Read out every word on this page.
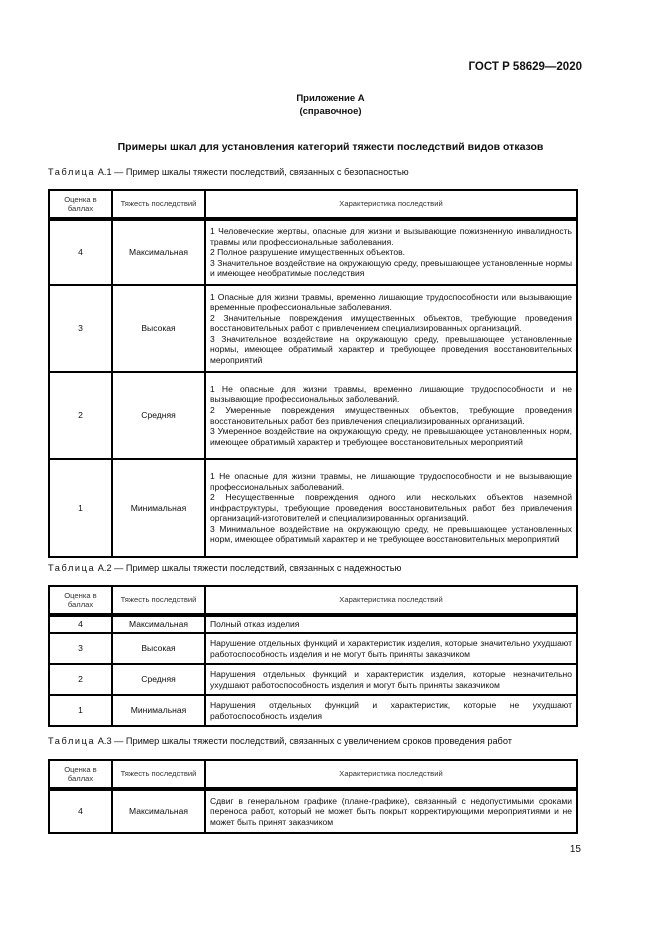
ГОСТ Р 58629—2020
Приложение А
(справочное)
Примеры шкал для установления категорий тяжести последствий видов отказов
Таблица А.1 — Пример шкалы тяжести последствий, связанных с безопасностью
Оценка в баллах	Тяжесть последствий	Характеристика последствий

4	Максимальная	1 Человеческие жертвы, опасные для жизни и вызывающие пожизненную инвалидность травмы или профессиональные заболевания.
2 Полное разрушение имущественных объектов.
3 Значительное воздействие на окружающую среду, превышающее установленные нормы и имеющее необратимые последствия

3	Высокая	1 Опасные для жизни травмы, временно лишающие трудоспособности или вызывающие временные профессиональные заболевания.
2 Значительные повреждения имущественных объектов, требующие проведения восстановительных работ с привлечением специализированных организаций.
3 Значительное воздействие на окружающую среду, превышающее установленные нормы, имеющее обратимый характер и требующее проведения восстановительных мероприятий

2	Средняя	1 Не опасные для жизни травмы, временно лишающие трудоспособности и не вызывающие профессиональных заболеваний.
2 Умеренные повреждения имущественных объектов, требующие проведения восстановительных работ без привлечения специализированных организаций.
3 Умеренное воздействие на окружающую среду, не превышающее установленных норм, имеющее обратимый характер и требующее восстановительных мероприятий

1	Минимальная	1 Не опасные для жизни травмы, не лишающие трудоспособности и не вызывающие профессиональных заболеваний.
2 Несущественные повреждения одного или нескольких объектов наземной инфраструктуры, требующие проведения восстановительных работ без привлечения организаций-изготовителей и специализированных организаций.
3 Минимальное воздействие на окружающую среду, не превышающее установленных норм, имеющее обратимый характер и не требующее восстановительных мероприятий
Таблица А.2 — Пример шкалы тяжести последствий, связанных с надежностью
Оценка в баллах	Тяжесть последствий	Характеристика последствий

4	Максимальная	Полный отказ изделия
3	Высокая	Нарушение отдельных функций и характеристик изделия, которые значительно ухудшают работоспособность изделия и не могут быть приняты заказчиком
2	Средняя	Нарушения отдельных функций и характеристик изделия, которые незначительно ухудшают работоспособность изделия и могут быть приняты заказчиком
1	Минимальная	Нарушения отдельных функций и характеристик, которые не ухудшают работоспособность изделия
Таблица А.3 — Пример шкалы тяжести последствий, связанных с увеличением сроков проведения работ
Оценка в баллах	Тяжесть последствий	Характеристика последствий

4	Максимальная	Сдвиг в генеральном графике (плане-графике), связанный с недопустимыми сроками переноса работ, который не может быть покрыт корректирующими мероприятиями и не может быть принят заказчиком
15
